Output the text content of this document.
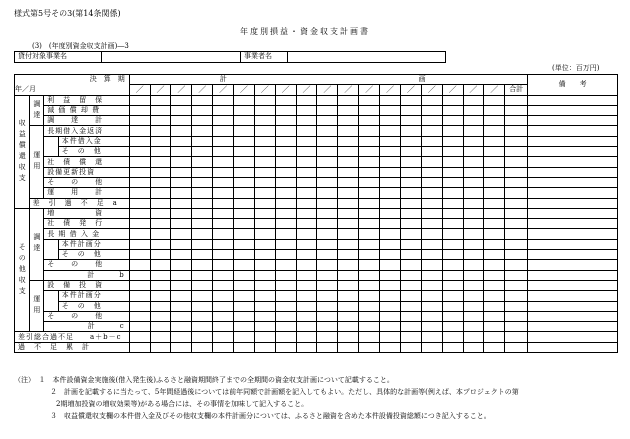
様式第5号その3(第14条関係)
年度別損益・資金収支計画書
(3)　(年度別資金収支計画)―3
貸付対象事業名	事業者名
(単位：百万円)
決　算　期				計									画										備　　考
年／月	／	／	／	／	／	／	／	／	／	／	／	／	／	／	／	／	／	／				合計	
収益償還収支	調達	利　益　留　保																					
		減 価 償 却 費																					
		調　　達　　計																					
	運用	長期借入金返済																					
			本件借入金																				
			そ　の　他																				
		社　債　償　還																					
		設備更新投資																					
		そ　　の　　他																					
		運　　用　　計																					
	差　引　過　不　足　a																						
その他収支	調達	増　　　　　資																					
		社　債　発　行																					
		長 期 借 入 金																					
			本件計画分																				
			そ　の　他																				
		そ　　の　　他																					
			計　　　b																				
	運用	設　備　投　資																					
			本件計画分																				
			そ　の　他																				
		そ　　の　　他																					
			計　　　c																				
差引総合過不足　　a＋b－c																							
過　不　足　累　計																							
（注）　１　本件設備資金実施後(借入発生後)ふるさと融資期間終了までの全期間の資金収支計画について記載すること。
２　計画を記載するに当たって、5年間経過後については前年同額で計画額を記入してもよい。ただし、具体的な計画等(例えば、本プロジェクトの第
2期増加投資の増収効果等)がある場合には、その事情を加味して記入すること。
３　収益償還収支欄の本件借入金及びその他収支欄の本件計画分については、ふるさと融資を含めた本件設備投資総額につき記入すること。
